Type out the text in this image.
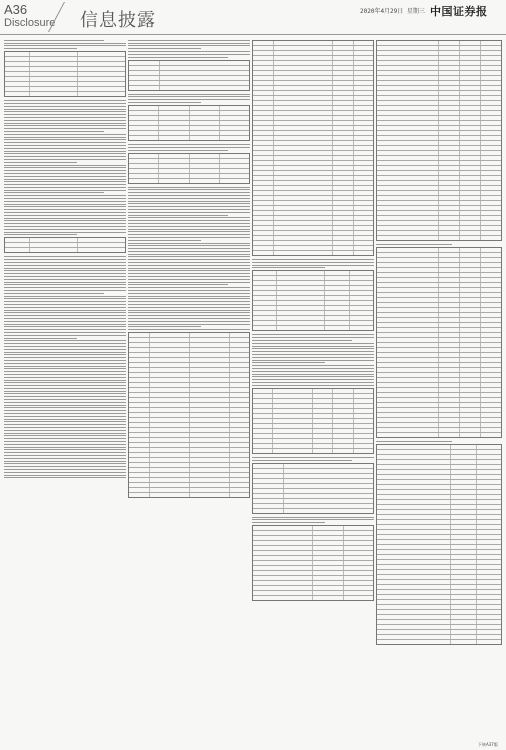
A36
Disclosure 信息披露	2020年4月29日 星期三 中国证券报
下转A37版
